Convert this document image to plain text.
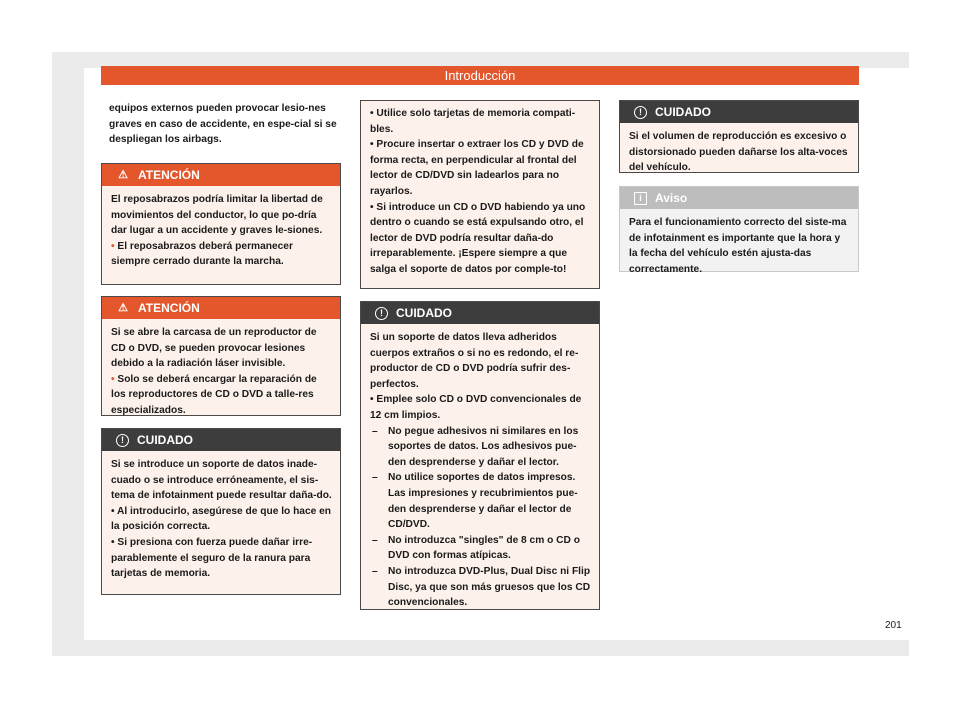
Introducción

equipos externos pueden provocar lesio-nes graves en caso de accidente, en espe-cial si se despliegan los airbags.

⚠ ATENCIÓN

El reposabrazos podría limitar la libertad de movimientos del conductor, lo que po-dría dar lugar a un accidente y graves le-siones.

• El reposabrazos deberá permanecer siempre cerrado durante la marcha.

⚠ ATENCIÓN

Si se abre la carcasa de un reproductor de CD o DVD, se pueden provocar lesiones debido a la radiación láser invisible.

• Solo se deberá encargar la reparación de los reproductores de CD o DVD a talle-res especializados.

!	CUIDADO

Si se introduce un soporte de datos inade-cuado o se introduce erróneamente, el sis-tema de infotainment puede resultar daña-do.

• Al introducirlo, asegúrese de que lo hace en la posición correcta.

• Si presiona con fuerza puede dañar irre-parablemente el seguro de la ranura para tarjetas de memoria.

• Utilice solo tarjetas de memoria compati-bles.

• Procure insertar o extraer los CD y DVD de forma recta, en perpendicular al frontal del lector de CD/DVD sin ladearlos para no rayarlos.

• Si introduce un CD o DVD habiendo ya uno dentro o cuando se está expulsando otro, el lector de DVD podría resultar daña-do irreparablemente. ¡Espere siempre a que salga el soporte de datos por comple-to!

!	CUIDADO

Si un soporte de datos lleva adheridos cuerpos extraños o si no es redondo, el re-productor de CD o DVD podría sufrir des-perfectos.

• Emplee solo CD o DVD convencionales de 12 cm limpios.

– No pegue adhesivos ni similares en los soportes de datos. Los adhesivos pue-den desprenderse y dañar el lector.

– No utilice soportes de datos impresos. Las impresiones y recubrimientos pue-den desprenderse y dañar el lector de CD/DVD.

– No introduzca "singles" de 8 cm o CD o DVD con formas atípicas.

– No introduzca DVD-Plus, Dual Disc ni Flip Disc, ya que son más gruesos que los CD convencionales.

!	CUIDADO

Si el volumen de reproducción es excesivo o distorsionado pueden dañarse los alta-voces del vehículo.

i	Aviso

Para el funcionamiento correcto del siste-ma de infotainment es importante que la hora y la fecha del vehículo estén ajusta-das correctamente.

201
